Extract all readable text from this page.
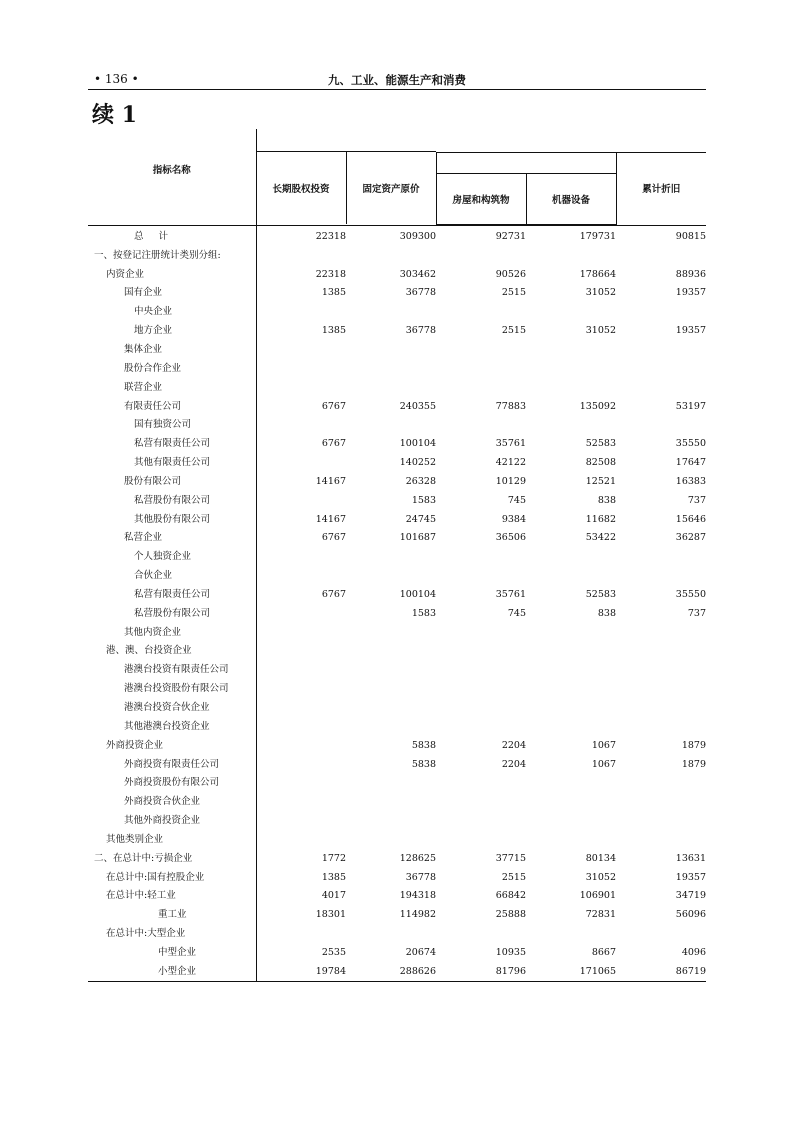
• 136 •	九、工业、能源生产和消费
续 1
指标名称					

	长期股权投资	固定资产原价			累计折旧
			房屋和构筑物	机器设备	

总 计	22318	309300	92731	179731	90815
一、按登记注册统计类别分组:					
内资企业	22318	303462	90526	178664	88936
国有企业	1385	36778	2515	31052	19357
中央企业					
地方企业	1385	36778	2515	31052	19357
集体企业					
股份合作企业					
联营企业					
有限责任公司	6767	240355	77883	135092	53197
国有独资公司					
私营有限责任公司	6767	100104	35761	52583	35550
其他有限责任公司		140252	42122	82508	17647
股份有限公司	14167	26328	10129	12521	16383
私营股份有限公司		1583	745	838	737
其他股份有限公司	14167	24745	9384	11682	15646
私营企业	6767	101687	36506	53422	36287
个人独资企业					
合伙企业					
私营有限责任公司	6767	100104	35761	52583	35550
私营股份有限公司		1583	745	838	737
其他内资企业					
港、澳、台投资企业					
港澳台投资有限责任公司					
港澳台投资股份有限公司					
港澳台投资合伙企业					
其他港澳台投资企业					
外商投资企业		5838	2204	1067	1879
外商投资有限责任公司		5838	2204	1067	1879
外商投资股份有限公司					
外商投资合伙企业					
其他外商投资企业					
其他类别企业					
二、在总计中:亏损企业	1772	128625	37715	80134	13631
在总计中:国有控股企业	1385	36778	2515	31052	19357
在总计中:轻工业	4017	194318	66842	106901	34719
重工业	18301	114982	25888	72831	56096
在总计中:大型企业					
中型企业	2535	20674	10935	8667	4096
小型企业	19784	288626	81796	171065	86719
